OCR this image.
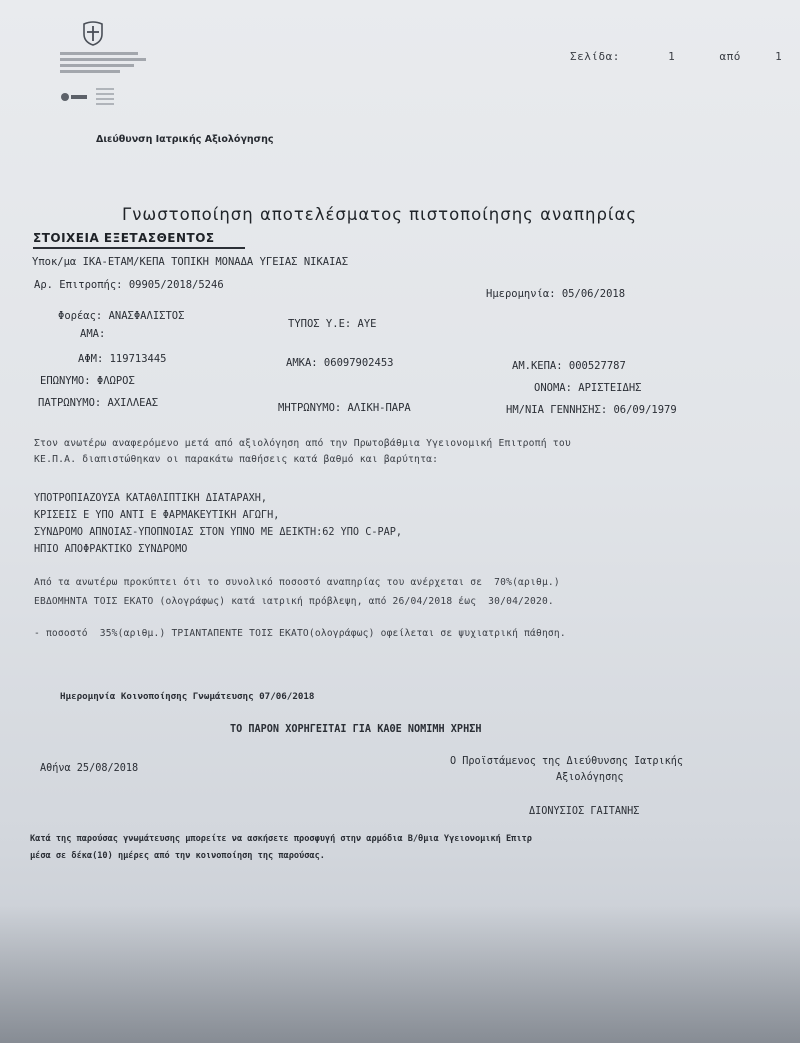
Διεύθυνση Ιατρικής Αξιολόγησης
Σελίδα:	1	από	1
Γνωστοποίηση αποτελέσματος πιστοποίησης αναπηρίας
ΣΤΟΙΧΕΙΑ ΕΞΕΤΑΣΘΕΝΤΟΣ
Υποκ/μα ΙΚΑ-ΕΤΑΜ/ΚΕΠΑ ΤΟΠΙΚΗ ΜΟΝΑΔΑ ΥΓΕΙΑΣ ΝΙΚΑΙΑΣ
Αρ. Επιτροπής: 09905/2018/5246
Ημερομηνία: 05/06/2018
Φορέας: ΑΝΑΣΦΑΛΙΣΤΟΣ
ΤΥΠΟΣ Υ.Ε: ΑΥΕ
ΑΜΑ:
ΑΦΜ: 119713445	ΑΜΚΑ: 06097902453	ΑΜ.ΚΕΠΑ: 000527787
ΕΠΩΝΥΜΟ: ΦΛΩΡΟΣ
ΟΝΟΜΑ: ΑΡΙΣΤΕΙΔΗΣ
ΠΑΤΡΩΝΥΜΟ: ΑΧΙΛΛΕΑΣ	ΜΗΤΡΩΝΥΜΟ: ΑΛΙΚΗ-ΠΑΡΑ	ΗΜ/ΝΙΑ ΓΕΝΝΗΣΗΣ: 06/09/1979
Στον ανωτέρω αναφερόμενο μετά από αξιολόγηση από την Πρωτοβάθμια Υγειονομική Επιτροπή του
ΚΕ.Π.Α. διαπιστώθηκαν οι παρακάτω παθήσεις κατά βαθμό και βαρύτητα:
ΥΠΟΤΡΟΠΙΑΖΟΥΣΑ ΚΑΤΑΘΛΙΠΤΙΚΗ ΔΙΑΤΑΡΑΧΗ,
ΚΡΙΣΕΙΣ Ε ΥΠΟ ΑΝΤΙ Ε ΦΑΡΜΑΚΕΥΤΙΚΗ ΑΓΩΓΗ,
ΣΥΝΔΡΟΜΟ ΑΠΝΟΙΑΣ-ΥΠΟΠΝΟΙΑΣ ΣΤΟΝ ΥΠΝΟ ΜΕ ΔΕΙΚΤΗ:62 ΥΠΟ C-PAP,
ΗΠΙΟ ΑΠΟΦΡΑΚΤΙΚΟ ΣΥΝΔΡΟΜΟ
Από τα ανωτέρω προκύπτει ότι το συνολικό ποσοστό αναπηρίας του ανέρχεται σε  70%(αριθμ.)
ΕΒΔΟΜΗΝΤΑ ΤΟΙΣ ΕΚΑΤΟ (ολογράφως) κατά ιατρική πρόβλεψη, από 26/04/2018 έως  30/04/2020.
- ποσοστό  35%(αριθμ.) ΤΡΙΑΝΤΑΠΕΝΤΕ ΤΟΙΣ ΕΚΑΤΟ(ολογράφως) οφείλεται σε ψυχιατρική πάθηση.
Ημερομηνία Κοινοποίησης Γνωμάτευσης 07/06/2018
ΤΟ ΠΑΡΟΝ ΧΟΡΗΓΕΙΤΑΙ ΓΙΑ ΚΑΘΕ ΝΟΜΙΜΗ ΧΡΗΣΗ
Αθήνα 25/08/2018
Ο Προϊστάμενος της Διεύθυνσης Ιατρικής
Αξιολόγησης
ΔΙΟΝΥΣΙΟΣ ΓΑΙΤΑΝΗΣ
Κατά της παρούσας γνωμάτευσης μπορείτε να ασκήσετε προσφυγή στην αρμόδια Β/θμια Υγειονομική Επιτρ
μέσα σε δέκα(10) ημέρες από την κοινοποίηση της παρούσας.
